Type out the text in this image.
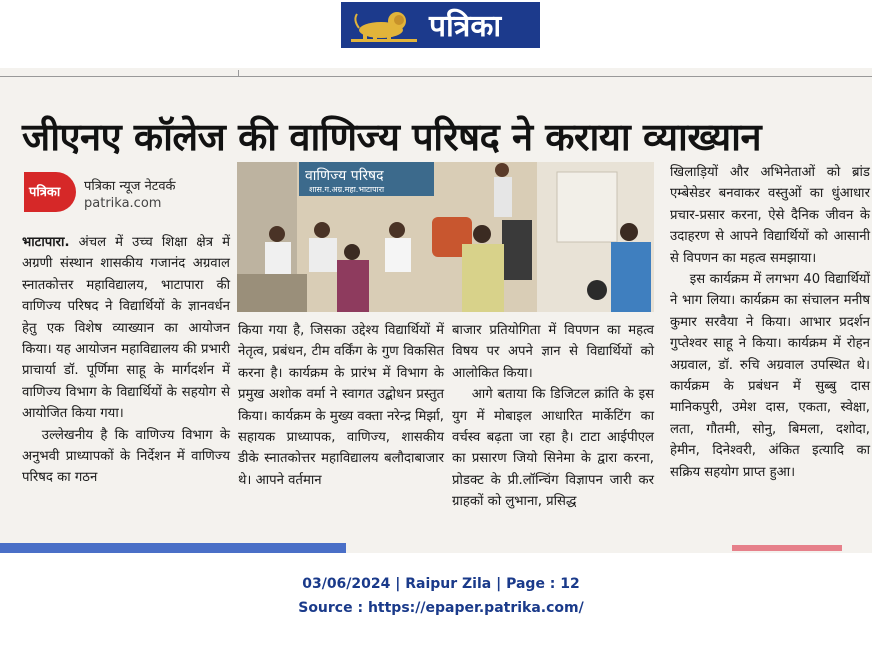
पत्रिका
जीएनए कॉलेज की वाणिज्य परिषद ने कराया व्याख्यान
पत्रिका पत्रिका न्यूज नेटवर्क
patrika.com
वाणिज्य परिषद
शास.ग.अग्र.महा.भाटापारा

भाटापारा. अंचल में उच्च शिक्षा क्षेत्र में अग्रणी संस्थान शासकीय गजानंद अग्रवाल स्नातकोत्तर महाविद्यालय, भाटापारा की वाणिज्य परिषद ने विद्यार्थियों के ज्ञानवर्धन हेतु एक विशेष व्याख्यान का आयोजन किया। यह आयोजन महाविद्यालय की प्रभारी प्राचार्या डॉ. पूर्णिमा साहू के मार्गदर्शन में वाणिज्य विभाग के विद्यार्थियों के सहयोग से आयोजित किया गया।

उल्लेखनीय है कि वाणिज्य विभाग के अनुभवी प्राध्यापकों के निर्देशन में वाणिज्य परिषद का गठन

किया गया है, जिसका उद्देश्य विद्यार्थियों में नेतृत्व, प्रबंधन, टीम वर्किंग के गुण विकसित करना है। कार्यक्रम के प्रारंभ में विभाग के प्रमुख अशोक वर्मा ने स्वागत उद्बोधन प्रस्तुत किया। कार्यक्रम के मुख्य वक्ता नरेन्द्र मिर्झा, सहायक प्राध्यापक, वाणिज्य, शासकीय डीके स्नातकोत्तर महाविद्यालय बलौदाबाजार थे। आपने वर्तमान

बाजार प्रतियोगिता में विपणन का महत्व विषय पर अपने ज्ञान से विद्यार्थियों को आलोकित किया।

आगे बताया कि डिजिटल क्रांति के इस युग में मोबाइल आधारित मार्केटिंग का वर्चस्व बढ़ता जा रहा है। टाटा आईपीएल का प्रसारण जियो सिनेमा के द्वारा करना, प्रोडक्ट के प्री.लॉन्चिंग विज्ञापन जारी कर ग्राहकों को लुभाना, प्रसिद्ध

खिलाड़ियों और अभिनेताओं को ब्रांड एम्बेसेडर बनवाकर वस्तुओं का धुंआधार प्रचार-प्रसार करना, ऐसे दैनिक जीवन के उदाहरण से आपने विद्यार्थियों को आसानी से विपणन का महत्व समझाया।

इस कार्यक्रम में लगभग 40 विद्यार्थियों ने भाग लिया। कार्यक्रम का संचालन मनीष कुमार सरवैया ने किया। आभार प्रदर्शन गुप्तेश्वर साहू ने किया। कार्यक्रम में रोहन अग्रवाल, डॉ. रुचि अग्रवाल उपस्थित थे। कार्यक्रम के प्रबंधन में सुब्बु दास मानिकपुरी, उमेश दास, एकता, स्वेक्षा, लता, गौतमी, सोनु, बिमला, दशोदा, हेमीन, दिनेश्वरी, अंकित इत्यादि का सक्रिय सहयोग प्राप्त हुआ।

03/06/2024 | Raipur Zila | Page : 12
Source : https://epaper.patrika.com/
